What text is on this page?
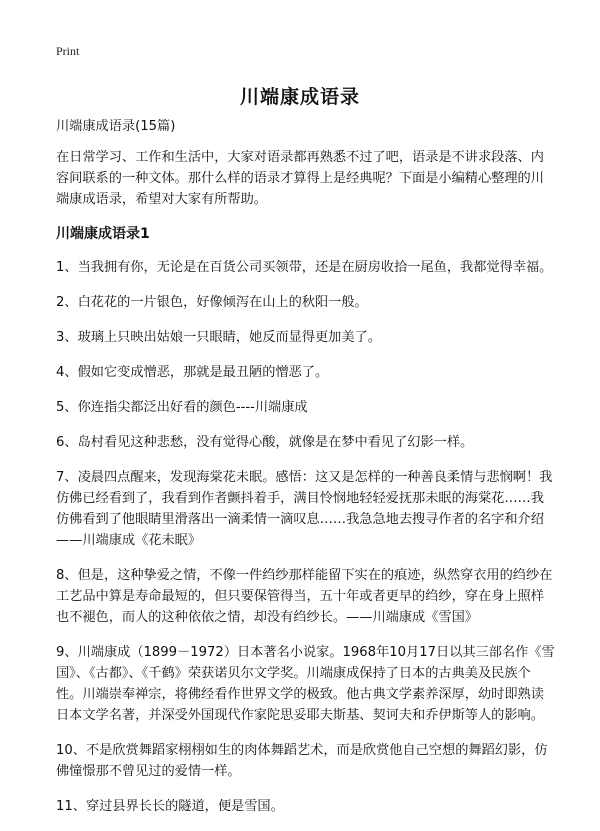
Print
川端康成语录

川端康成语录(15篇)

在日常学习、工作和生活中，大家对语录都再熟悉不过了吧，语录是不讲求段落、内容间联系的一种文体。那什么样的语录才算得上是经典呢？下面是小编精心整理的川端康成语录，希望对大家有所帮助。

川端康成语录1

1、当我拥有你，无论是在百货公司买领带，还是在厨房收拾一尾鱼，我都觉得幸福。

2、白花花的一片银色，好像倾泻在山上的秋阳一般。

3、玻璃上只映出姑娘一只眼睛，她反而显得更加美了。

4、假如它变成憎恶，那就是最丑陋的憎恶了。

5、你连指尖都泛出好看的颜色----川端康成

6、岛村看见这种悲愁，没有觉得心酸，就像是在梦中看见了幻影一样。

7、凌晨四点醒来，发现海棠花未眠。感悟：这又是怎样的一种善良柔情与悲悯啊！我仿佛已经看到了，我看到作者颤抖着手，满目怜悯地轻轻爱抚那未眠的海棠花……我仿佛看到了他眼睛里滑落出一滴柔情一滴叹息……我急急地去搜寻作者的名字和介绍——川端康成《花未眠》

8、但是，这种挚爱之情，不像一件绉纱那样能留下实在的痕迹，纵然穿衣用的绉纱在工艺品中算是寿命最短的，但只要保管得当，五十年或者更早的绉纱，穿在身上照样也不褪色，而人的这种依依之情，却没有绉纱长。——川端康成《雪国》

9、川端康成（1899－1972）日本著名小说家。1968年10月17日以其三部名作《雪国》、《古都》、《千鹤》荣获诺贝尔文学奖。川端康成保持了日本的古典美及民族个性。川端崇奉禅宗，将佛经看作世界文学的极致。他古典文学素养深厚，幼时即熟读日本文学名著，并深受外国现代作家陀思妥耶夫斯基、契诃夫和乔伊斯等人的影响。

10、不是欣赏舞蹈家栩栩如生的肉体舞蹈艺术，而是欣赏他自己空想的舞蹈幻影，仿佛憧憬那不曾见过的爱情一样。

11、穿过县界长长的隧道，便是雪国。
